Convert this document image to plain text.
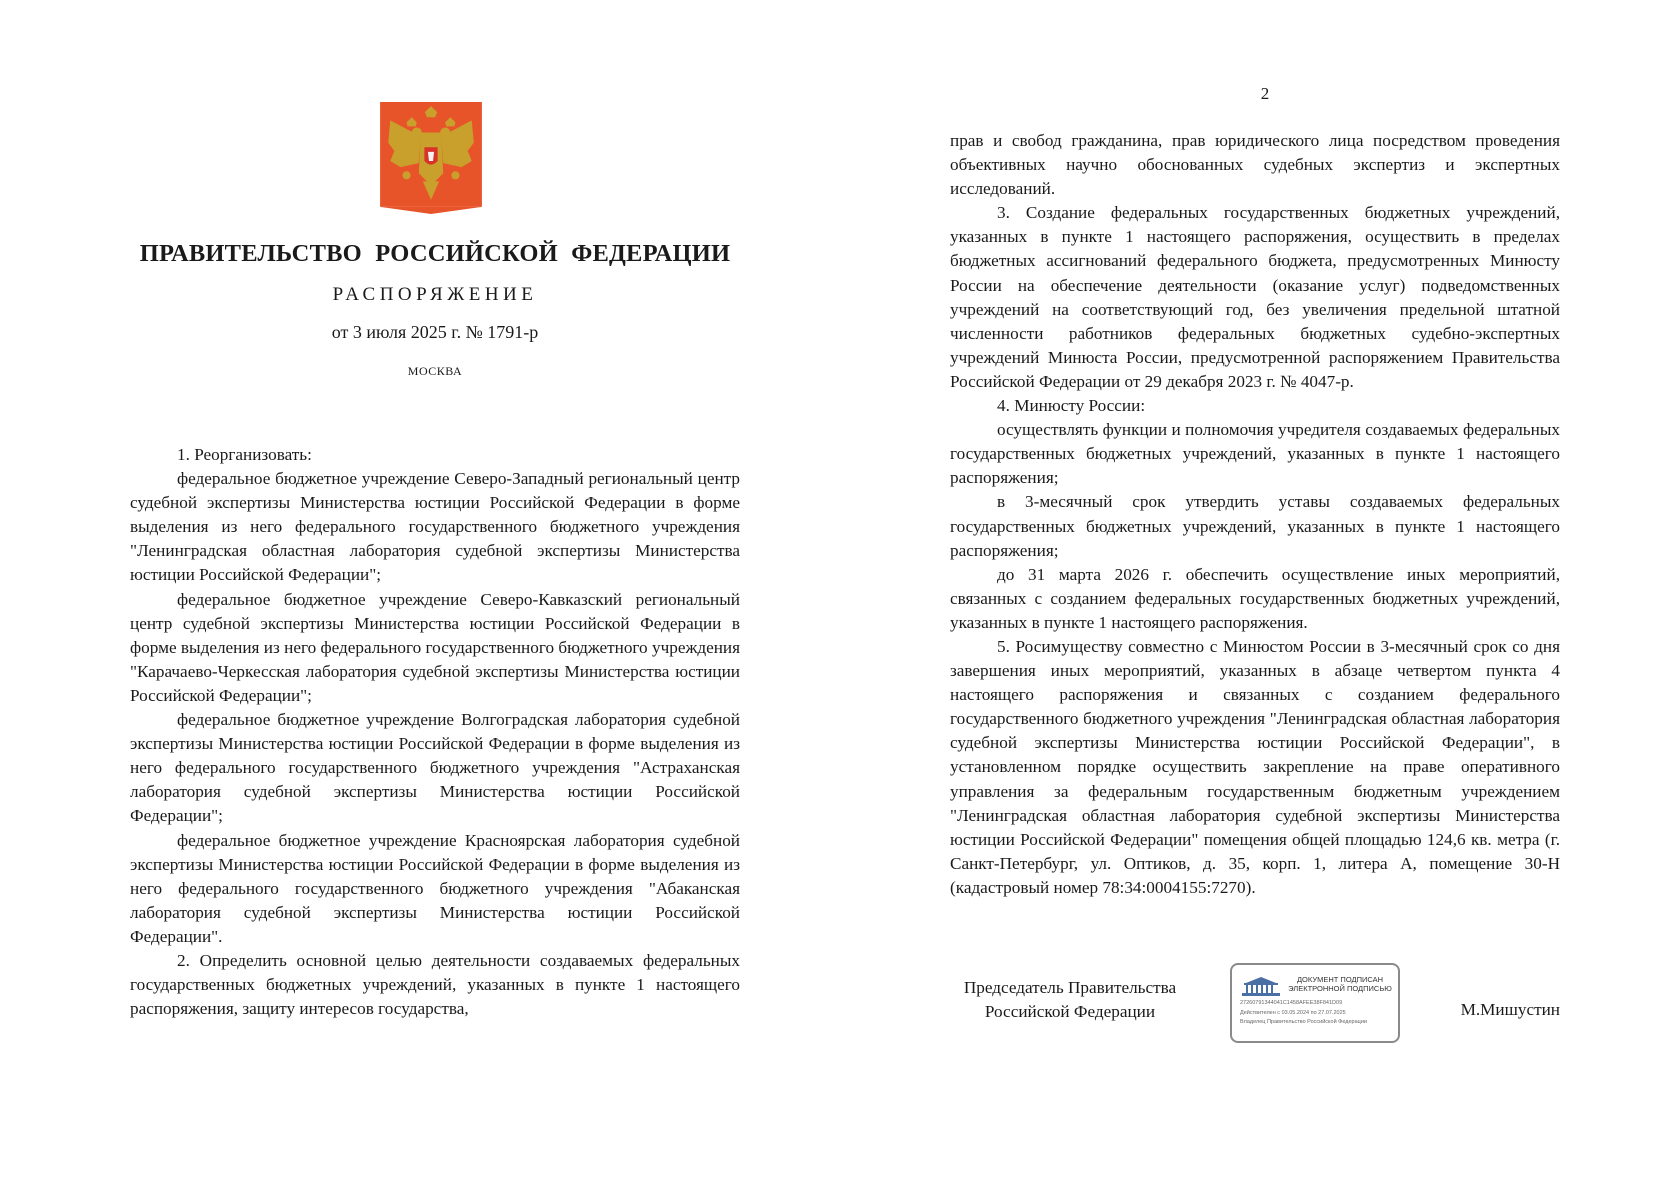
ПРАВИТЕЛЬСТВО РОССИЙСКОЙ ФЕДЕРАЦИИ
РАСПОРЯЖЕНИЕ
от 3 июля 2025 г. № 1791-р
МОСКВА

1. Реорганизовать:

федеральное бюджетное учреждение Северо-Западный региональный центр судебной экспертизы Министерства юстиции Российской Федерации в форме выделения из него федерального государственного бюджетного учреждения "Ленинградская областная лаборатория судебной экспертизы Министерства юстиции Российской Федерации";

федеральное бюджетное учреждение Северо-Кавказский региональный центр судебной экспертизы Министерства юстиции Российской Федерации в форме выделения из него федерального государственного бюджетного учреждения "Карачаево-Черкесская лаборатория судебной экспертизы Министерства юстиции Российской Федерации";

федеральное бюджетное учреждение Волгоградская лаборатория судебной экспертизы Министерства юстиции Российской Федерации в форме выделения из него федерального государственного бюджетного учреждения "Астраханская лаборатория судебной экспертизы Министерства юстиции Российской Федерации";

федеральное бюджетное учреждение Красноярская лаборатория судебной экспертизы Министерства юстиции Российской Федерации в форме выделения из него федерального государственного бюджетного учреждения "Абаканская лаборатория судебной экспертизы Министерства юстиции Российской Федерации".

2. Определить основной целью деятельности создаваемых федеральных государственных бюджетных учреждений, указанных в пункте 1 настоящего распоряжения, защиту интересов государства,

2

прав и свобод гражданина, прав юридического лица посредством проведения объективных научно обоснованных судебных экспертиз и экспертных исследований.

3. Создание федеральных государственных бюджетных учреждений, указанных в пункте 1 настоящего распоряжения, осуществить в пределах бюджетных ассигнований федерального бюджета, предусмотренных Минюсту России на обеспечение деятельности (оказание услуг) подведомственных учреждений на соответствующий год, без увеличения предельной штатной численности работников федеральных бюджетных судебно-экспертных учреждений Минюста России, предусмотренной распоряжением Правительства Российской Федерации от 29 декабря 2023 г. № 4047-р.

4. Минюсту России:

осуществлять функции и полномочия учредителя создаваемых федеральных государственных бюджетных учреждений, указанных в пункте 1 настоящего распоряжения;

в 3-месячный срок утвердить уставы создаваемых федеральных государственных бюджетных учреждений, указанных в пункте 1 настоящего распоряжения;

до 31 марта 2026 г. обеспечить осуществление иных мероприятий, связанных с созданием федеральных государственных бюджетных учреждений, указанных в пункте 1 настоящего распоряжения.

5. Росимуществу совместно с Минюстом России в 3-месячный срок со дня завершения иных мероприятий, указанных в абзаце четвертом пункта 4 настоящего распоряжения и связанных с созданием федерального государственного бюджетного учреждения "Ленинградская областная лаборатория судебной экспертизы Министерства юстиции Российской Федерации", в установленном порядке осуществить закрепление на праве оперативного управления за федеральным государственным бюджетным учреждением "Ленинградская областная лаборатория судебной экспертизы Министерства юстиции Российской Федерации" помещения общей площадью 124,6 кв. метра (г. Санкт-Петербург, ул. Оптиков, д. 35, корп. 1, литера А, помещение 30-Н (кадастровый номер 78:34:0004155:7270).

Председатель Правительства
Российской Федерации
ДОКУМЕНТ ПОДПИСАН
ЭЛЕКТРОННОЙ ПОДПИСЬЮ
27260791344041C1458AFEE38F841D09
Действителен с 03.05.2024 по 27.07.2025
Владелец Правительство Российской Федерации
М.Мишустин
